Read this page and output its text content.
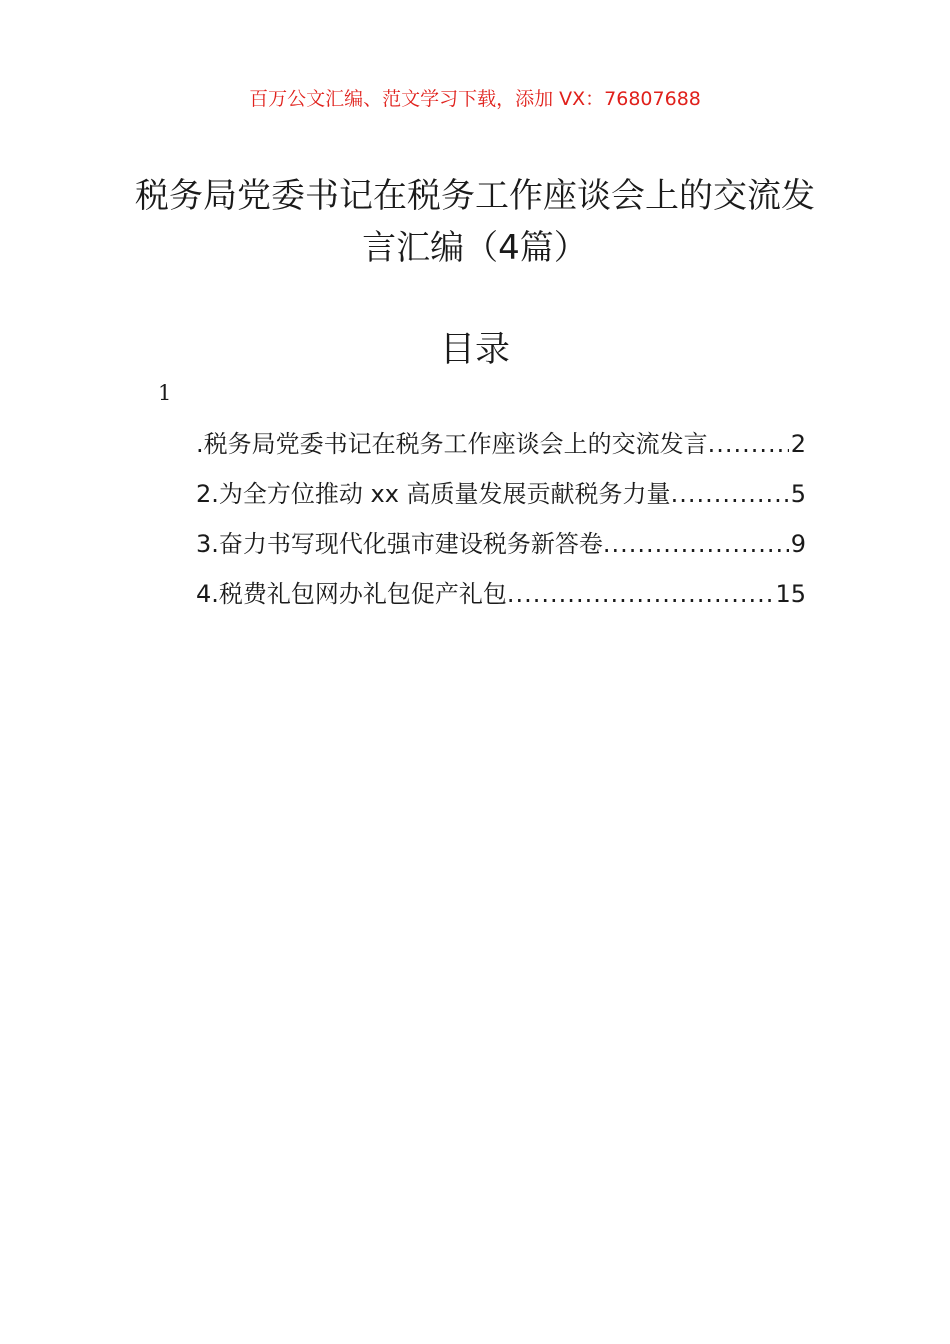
百万公文汇编、范文学习下载，添加 VX：76807688
税务局党委书记在税务工作座谈会上的交流发言汇编（4篇）
目录
1
.税务局党委书记在税务工作座谈会上的交流发言 .....	2
2.为全方位推动 xx 高质量发展贡献税务力量 .....	5
3.奋力书写现代化强市建设税务新答卷 .....	9
4.税费礼包网办礼包促产礼包 .....	15
